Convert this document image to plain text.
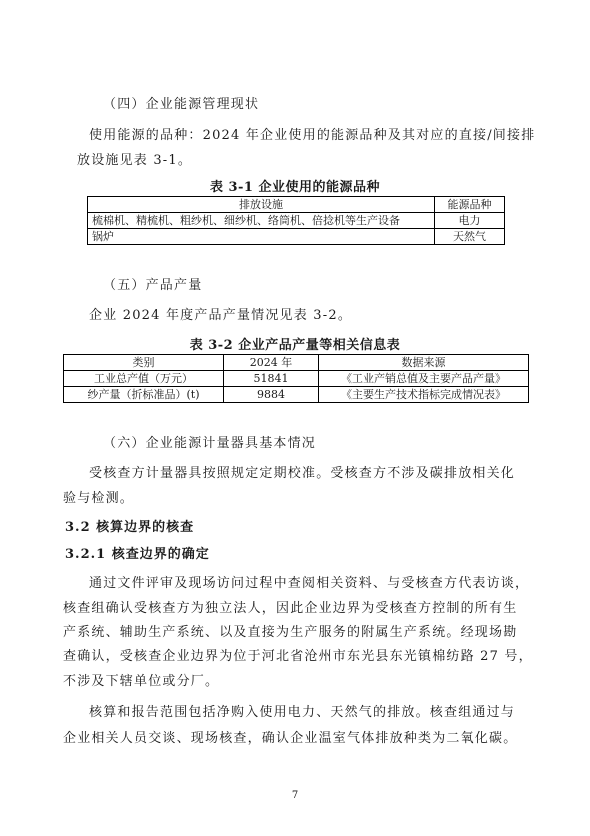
（四）企业能源管理现状
使用能源的品种：2024 年企业使用的能源品种及其对应的直接/间接排
放设施见表 3-1。
表 3-1 企业使用的能源品种
排放设施	能源品种
梳棉机、精梳机、粗纱机、细纱机、络筒机、倍捻机等生产设备	电力
锅炉	天然气
（五）产品产量
企业 2024 年度产品产量情况见表 3-2。
表 3-2 企业产品产量等相关信息表
类别	2024 年	数据来源
工业总产值（万元）	51841	《工业产销总值及主要产品产量》
纱产量（折标准品）(t)	9884	《主要生产技术指标完成情况表》
（六）企业能源计量器具基本情况
受核查方计量器具按照规定定期校准。受核查方不涉及碳排放相关化
验与检测。
3.2 核算边界的核查
3.2.1 核查边界的确定
通过文件评审及现场访问过程中查阅相关资料、与受核查方代表访谈，
核查组确认受核查方为独立法人，因此企业边界为受核查方控制的所有生
产系统、辅助生产系统、以及直接为生产服务的附属生产系统。经现场勘
查确认，受核查企业边界为位于河北省沧州市东光县东光镇棉纺路 27 号，
不涉及下辖单位或分厂。
核算和报告范围包括净购入使用电力、天然气的排放。核查组通过与
企业相关人员交谈、现场核查，确认企业温室气体排放种类为二氧化碳。
7
